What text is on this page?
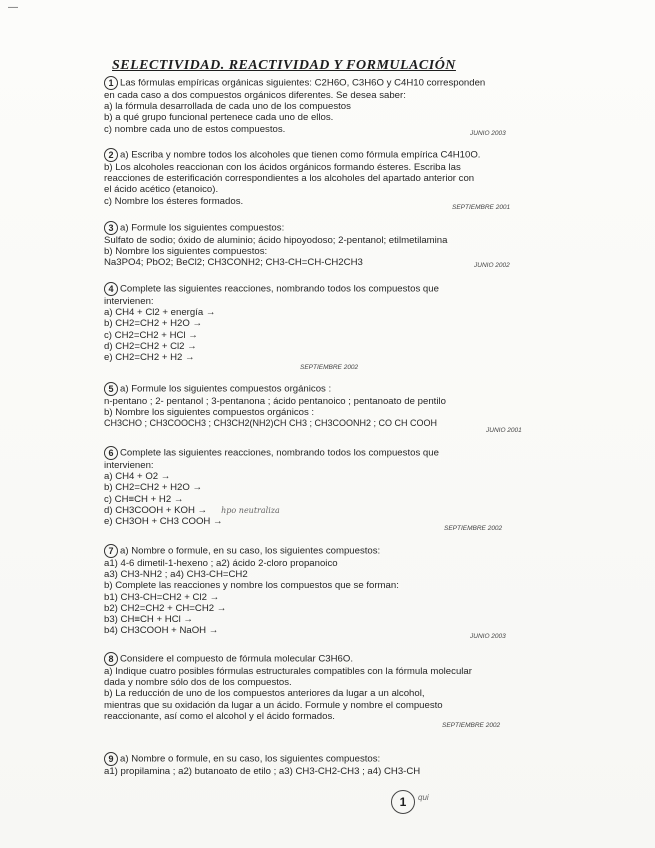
—
SELECTIVIDAD. REACTIVIDAD Y FORMULACIÓN
1 Las fórmulas empíricas orgánicas siguientes: C2H6O, C3H6O y C4H10 corresponden
en cada caso a dos compuestos orgánicos diferentes. Se desea saber:
a) la fórmula desarrollada de cada uno de los compuestos
b) a qué grupo funcional pertenece cada uno de ellos.
c) nombre cada uno de estos compuestos.	JUNIO 2003
2 a) Escriba y nombre todos los alcoholes que tienen como fórmula empírica C4H10O.
b) Los alcoholes reaccionan con los ácidos orgánicos formando ésteres. Escriba las
reacciones de esterificación correspondientes a los alcoholes del apartado anterior con
el ácido acético (etanoico).
c) Nombre los ésteres formados.
SEPTIEMBRE 2001
3 a) Formule los siguientes compuestos:
Sulfato de sodio; óxido de aluminio; ácido hipoyodoso; 2-pentanol; etilmetilamina
b) Nombre los siguientes compuestos:
Na3PO4; PbO2; BeCl2; CH3CONH2; CH3-CH=CH-CH2CH3	JUNIO 2002
4 Complete las siguientes reacciones, nombrando todos los compuestos que
intervienen:
a) CH4 + Cl2 + energía →
b) CH2=CH2 + H2O →
c) CH2=CH2 + HCl →
d) CH2=CH2 + Cl2 →
e) CH2=CH2 + H2 →
SEPTIEMBRE 2002
5 a) Formule los siguientes compuestos orgánicos :
n-pentano ; 2- pentanol ; 3-pentanona ; ácido pentanoico ; pentanoato de pentilo
b) Nombre los siguientes compuestos orgánicos :
CH3CHO ; CH3COOCH3 ; CH3CH2(NH2)CH CH3 ; CH3COONH2 ; CO CH COOH
JUNIO 2001
6 Complete las siguientes reacciones, nombrando todos los compuestos que
intervienen:
a) CH4 + O2 →
b) CH2=CH2 + H2O →
c) CH≡CH + H2 →
d) CH3COOH + KOH → hpo neutraliza
e) CH3OH + CH3 COOH →
SEPTIEMBRE 2002
7 a) Nombre o formule, en su caso, los siguientes compuestos:
a1) 4-6 dimetil-1-hexeno ; a2) ácido 2-cloro propanoico
a3) CH3-NH2 ; a4) CH3-CH=CH2
b) Complete las reacciones y nombre los compuestos que se forman:
b1) CH3-CH=CH2 + Cl2 →
b2) CH2=CH2 + CH=CH2 →
b3) CH≡CH + HCl →
b4) CH3COOH + NaOH →
JUNIO 2003
8 Considere el compuesto de fórmula molecular C3H6O.
a) Indique cuatro posibles fórmulas estructurales compatibles con la fórmula molecular
dada y nombre sólo dos de los compuestos.
b) La reducción de uno de los compuestos anteriores da lugar a un alcohol,
mientras que su oxidación da lugar a un ácido. Formule y nombre el compuesto
reaccionante, así como el alcohol y el ácido formados.
SEPTIEMBRE 2002
9 a) Nombre o formule, en su caso, los siguientes compuestos:
a1) propilamina ; a2) butanoato de etilo ; a3) CH3-CH2-CH3 ; a4) CH3-CH
1	qui
